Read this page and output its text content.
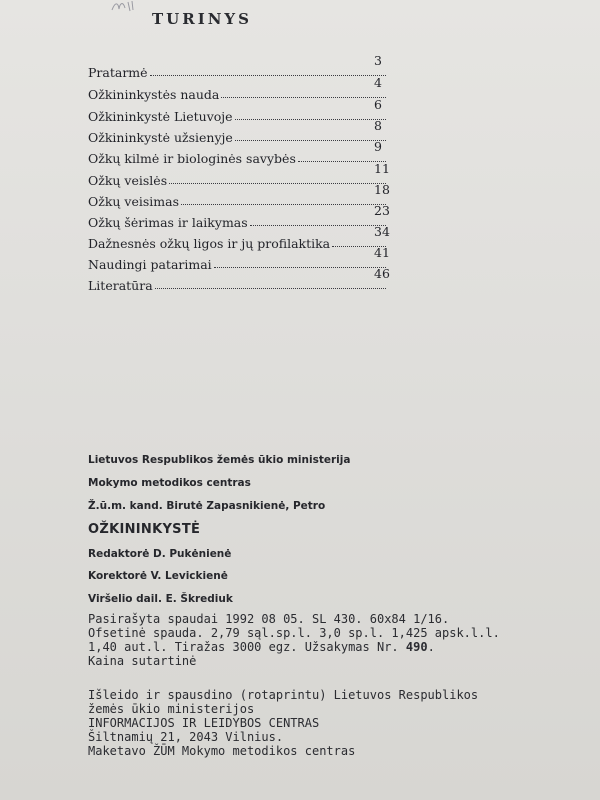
TURINYS
Pratarmė
3
Ožkininkystės nauda
4
Ožkininkystė Lietuvoje
6
Ožkininkystė užsienyje
8
Ožkų kilmė ir biologinės savybės
9
Ožkų veislės
11
Ožkų veisimas
18
Ožkų šėrimas ir laikymas
23
Dažnesnės ožkų ligos ir jų profilaktika
34
Naudingi patarimai
41
Literatūra
46
Lietuvos Respublikos žemės ūkio ministerija
Mokymo metodikos centras
Ž.ū.m. kand. Birutė Zapasnikienė, Petro
OŽKININKYSTĖ
Redaktorė D. Pukėnienė
Korektorė V. Levickienė
Viršelio dail. E. Škrediuk
Pasirašyta spaudai 1992 08 05. SL 430. 60x84 1/16.
Ofsetinė spauda. 2,79 sąl.sp.l. 3,0 sp.l. 1,425 apsk.l.l.
1,40 aut.l. Tiražas 3000 egz. Užsakymas Nr. 490.
Kaina sutartinė
Išleido ir spausdino (rotaprintu) Lietuvos Respublikos
žemės ūkio ministerijos
INFORMACIJOS IR LEIDYBOS CENTRAS
Šiltnamių 21, 2043 Vilnius.
Maketavo ŽŪM Mokymo metodikos centras
